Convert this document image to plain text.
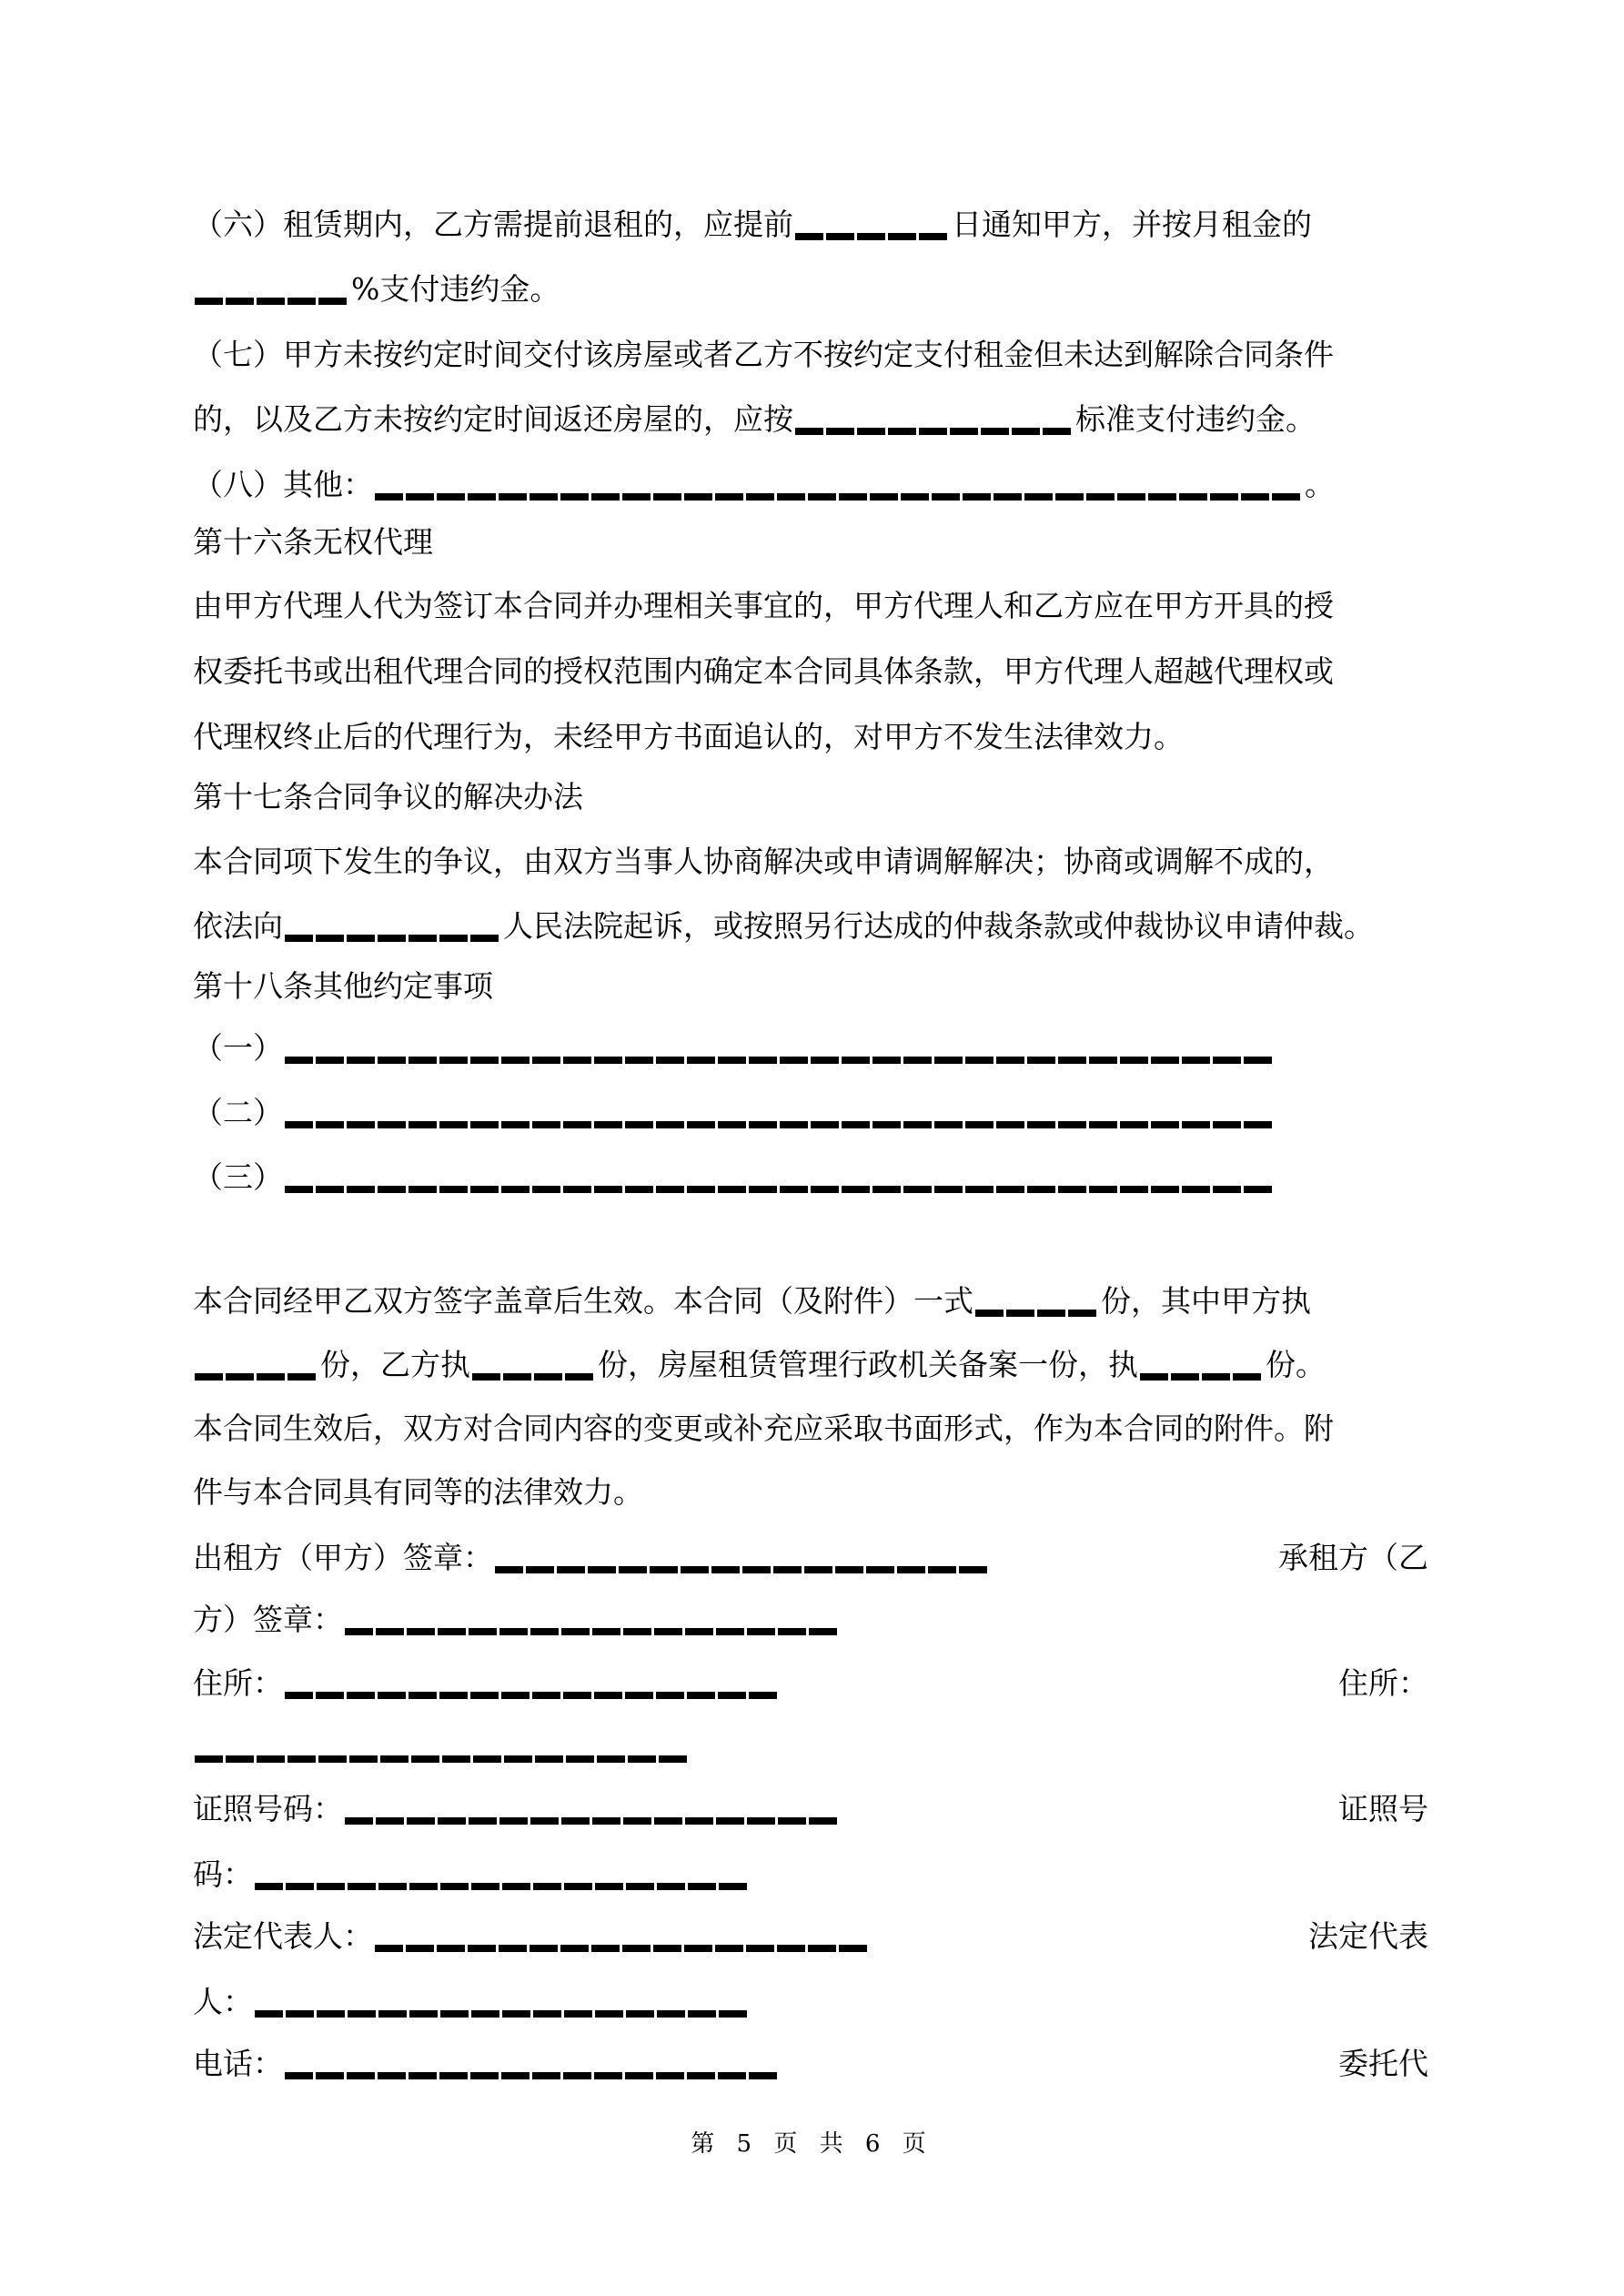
（六）租赁期内，乙方需提前退租的，应提前	日通知甲方，并按月租金的
%支付违约金。
（七）甲方未按约定时间交付该房屋或者乙方不按约定支付租金但未达到解除合同条件
的，以及乙方未按约定时间返还房屋的，应按	标准支付违约金。
（八）其他：	。
第十六条无权代理
由甲方代理人代为签订本合同并办理相关事宜的，甲方代理人和乙方应在甲方开具的授
权委托书或出租代理合同的授权范围内确定本合同具体条款，甲方代理人超越代理权或
代理权终止后的代理行为，未经甲方书面追认的，对甲方不发生法律效力。
第十七条合同争议的解决办法
本合同项下发生的争议，由双方当事人协商解决或申请调解解决；协商或调解不成的，
依法向	人民法院起诉，或按照另行达成的仲裁条款或仲裁协议申请仲裁。
第十八条其他约定事项
（一）
（二）
（三）
本合同经甲乙双方签字盖章后生效。本合同（及附件）一式	份，其中甲方执
份，乙方执	份，房屋租赁管理行政机关备案一份，执	份。
本合同生效后，双方对合同内容的变更或补充应采取书面形式，作为本合同的附件。附
件与本合同具有同等的法律效力。
出租方（甲方）签章：	承租方（乙
方）签章：
住所：	住所：
证照号码：	证照号
码：
法定代表人：	法定代表
人：
电话：	委托代
第 5 页 共 6 页
